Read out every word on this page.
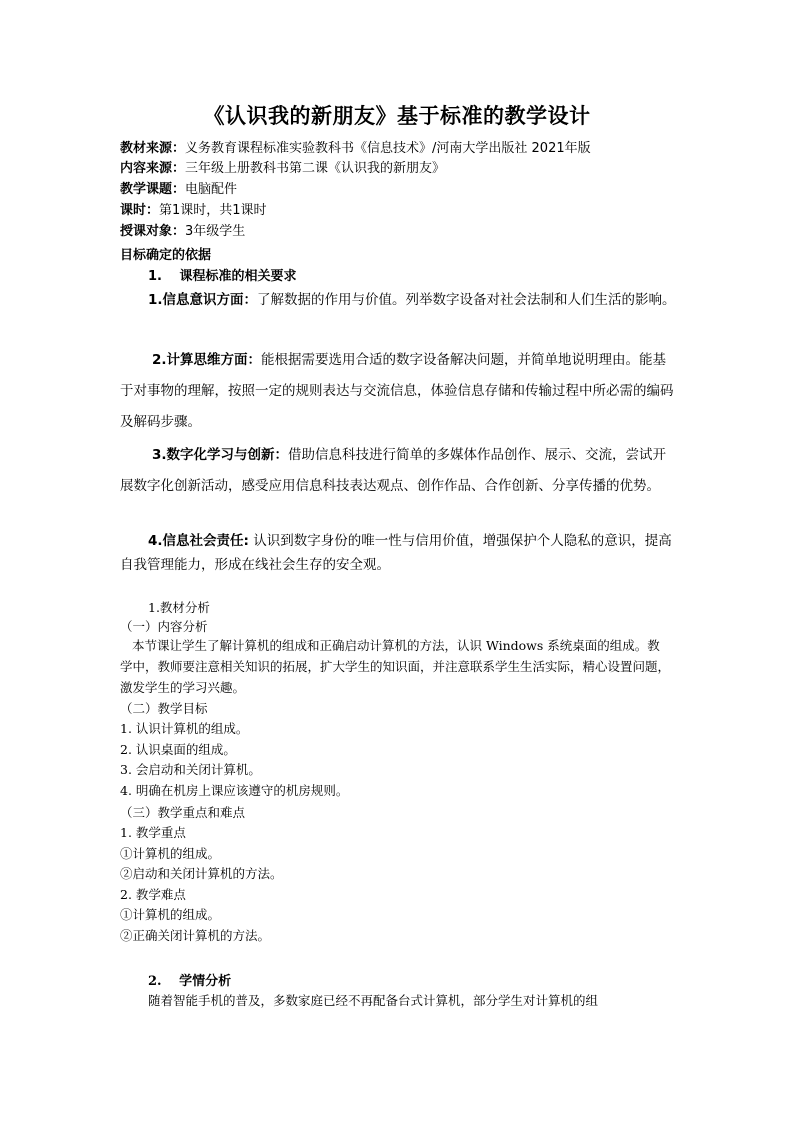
《认识我的新朋友》基于标准的教学设计
教材来源：义务教育课程标准实验教科书《信息技术》/河南大学出版社 2021年版
内容来源：三年级上册教科书第二课《认识我的新朋友》
教学课题：电脑配件
课时：第1课时，共1课时
授课对象：3年级学生
目标确定的依据
1.　 课程标准的相关要求
1.信息意识方面：了解数据的作用与价值。列举数字设备对社会法制和人们生活的影响。
2.计算思维方面：能根据需要选用合适的数字设备解决问题，并简单地说明理由。能基于对事物的理解，按照一定的规则表达与交流信息，体验信息存储和传输过程中所必需的编码及解码步骤。
3.数字化学习与创新：借助信息科技进行简单的多媒体作品创作、展示、交流，尝试开展数字化创新活动，感受应用信息科技表达观点、创作作品、合作创新、分享传播的优势。
4.信息社会责任: 认识到数字身份的唯一性与信用价值，增强保护个人隐私的意识，提高自我管理能力，形成在线社会生存的安全观。
1.教材分析
（一）内容分析
本节课让学生了解计算机的组成和正确启动计算机的方法，认识 Windows 系统桌面的组成。教学中，教师要注意相关知识的拓展，扩大学生的知识面，并注意联系学生生活实际，精心设置问题，激发学生的学习兴趣。
（二）教学目标
1. 认识计算机的组成。
2. 认识桌面的组成。
3. 会启动和关闭计算机。
4. 明确在机房上课应该遵守的机房规则。
（三）教学重点和难点
1. 教学重点
①计算机的组成。
②启动和关闭计算机的方法。
2. 教学难点
①计算机的组成。
②正确关闭计算机的方法。
2.　 学情分析
随着智能手机的普及，多数家庭已经不再配备台式计算机，部分学生对计算机的组
